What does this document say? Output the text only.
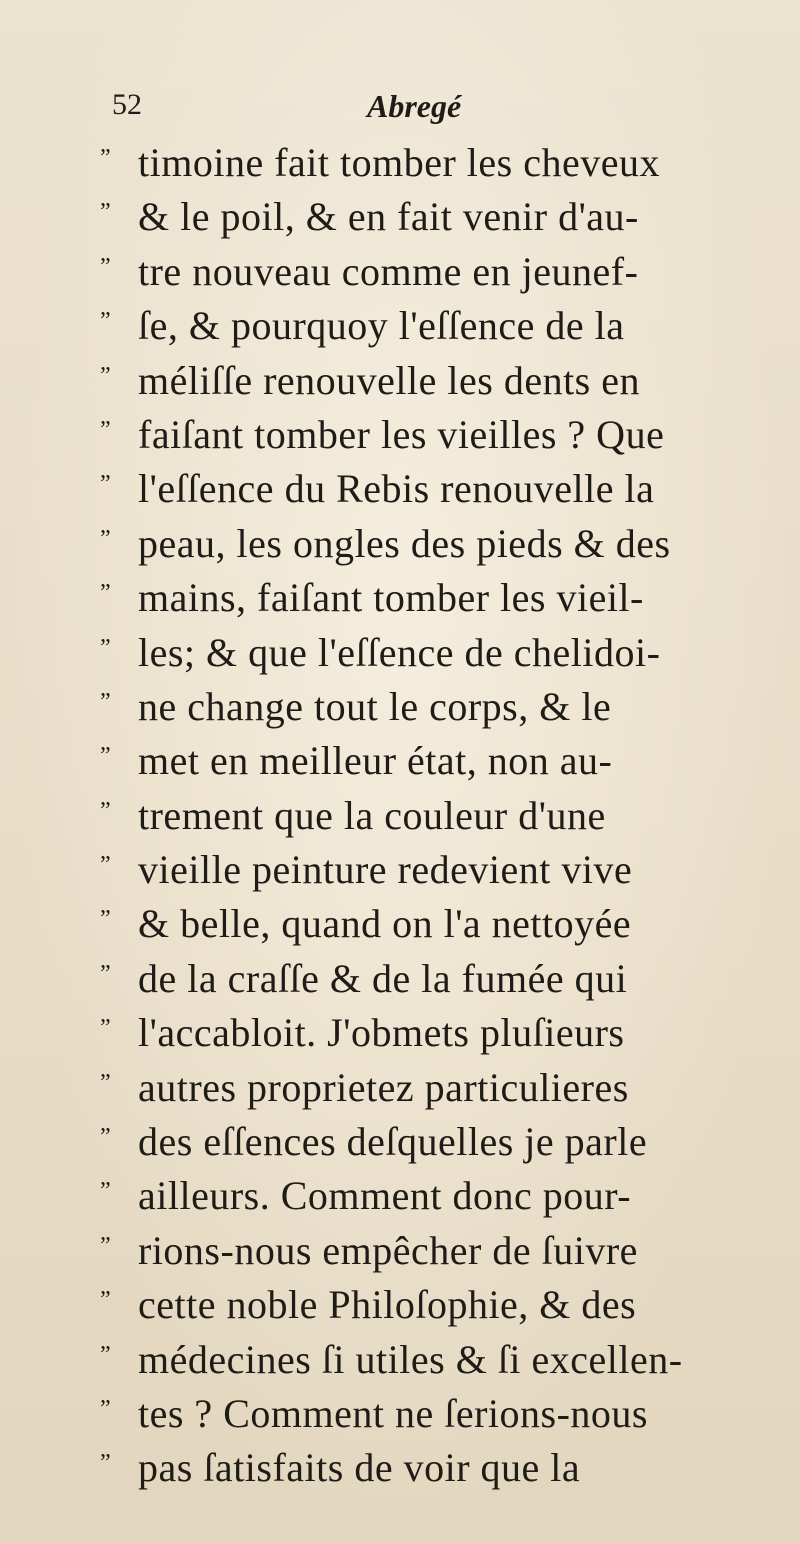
52	Abregé
” timoine fait tomber les cheveux
” & le poil, & en fait venir d'au-
” tre nouveau comme en jeunef-
” ſe, & pourquoy l'eſſence de la
” méliſſe renouvelle les dents en
” faiſant tomber les vieilles ? Que
” l'eſſence du Rebis renouvelle la
” peau, les ongles des pieds & des
” mains, faiſant tomber les vieil-
” les; & que l'eſſence de chelidoi-
” ne change tout le corps, & le
” met en meilleur état, non au-
” trement que la couleur d'une
” vieille peinture redevient vive
” & belle, quand on l'a nettoyée
” de la craſſe & de la fumée qui
” l'accabloit. J'obmets pluſieurs
” autres proprietez particulieres
” des eſſences deſquelles je parle
” ailleurs. Comment donc pour-
” rions-nous empêcher de ſuivre
” cette noble Philoſophie, & des
” médecines ſi utiles & ſi excellen-
” tes ? Comment ne ſerions-nous
” pas ſatisfaits de voir que la
